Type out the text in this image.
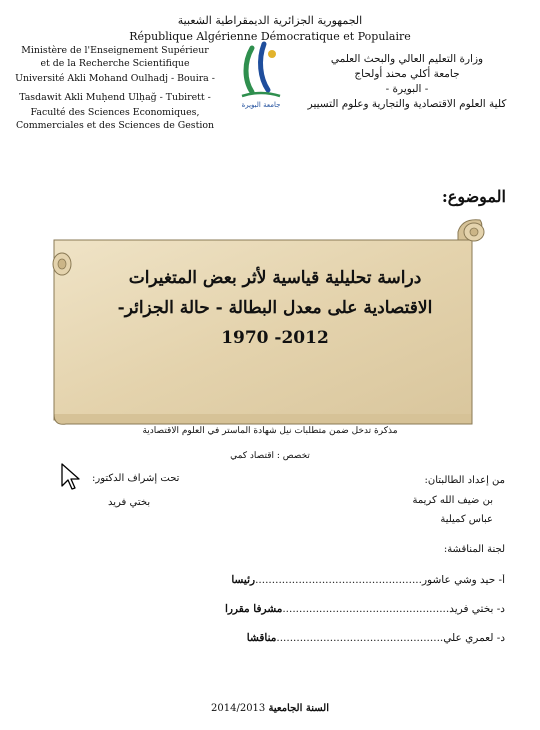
الجمهورية الجزائرية الديمقراطية الشعبية
République Algérienne Démocratique et Populaire
Ministère de l'Enseignement Supérieur
et de la Recherche Scientifique
Université Akli Mohand Oulhadj - Bouira -
Tasdawit Akli Muḥend Ulḥağ - Tubirett -
Faculté des Sciences Economiques,
Commerciales et des Sciences de Gestion
وزارة التعليم العالي والبحث العلمي
جامعة أكلي محند أولحاج
- البويرة -
كلية العلوم الاقتصادية والتجارية وعلوم التسيير
جامعة البويرة
الموضوع:
دراسة تحليلية قياسية لأثر بعض المتغيرات
الاقتصادية على معدل البطالة - حالة الجزائر-
1970 -2012
مذكرة تدخل ضمن متطلبات نيل شهادة الماستر في العلوم الاقتصادية
تخصص : اقتصاد كمي
من إعداد الطالبتان:
تحت إشراف الدكتور:
بن ضيف الله كريمة
عباس كميلية
بختي فريد
لجنة المناقشة:
أ- حيد وشي عاشور..................................................رئيسا
د- بختي فريد..................................................مشرفا مقررا
د- لعمري علي..................................................مناقشا
السنة الجامعية 2014/2013
